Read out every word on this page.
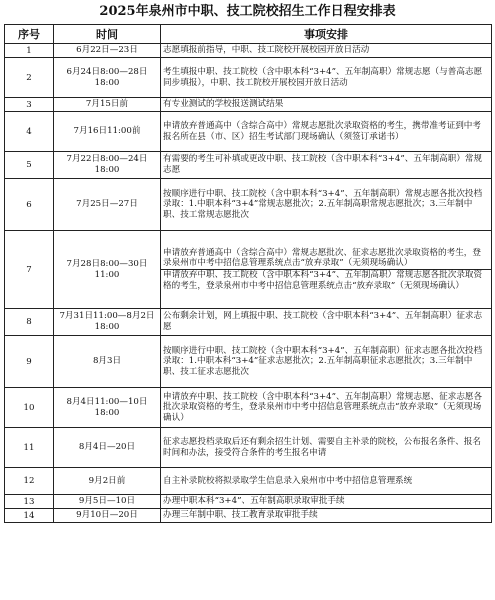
2025年泉州市中职、技工院校招生工作日程安排表
序号	时间	事项安排
1	6月22日—23日	志愿填报前指导，中职、技工院校开展校园开放日活动

2	6月24日8:00—28日18:00	考生填报中职、技工院校（含中职本科“3+4”、五年制高职）常规志愿（与普高志愿同步填报），中职、技工院校开展校园开放日活动

3	7月15日前	有专业测试的学校报送测试结果

4	7月16日11:00前	申请放弃普通高中（含综合高中）常规志愿批次录取资格的考生，携带准考证到中考报名所在县（市、区）招生考试部门现场确认（须签订承诺书）

5	7月22日8:00—24日18:00	有需要的考生可补填或更改中职、技工院校（含中职本科“3+4”、五年制高职）常规志愿

6	7月25日—27日	按顺序进行中职、技工院校（含中职本科“3+4”、五年制高职）常规志愿各批次投档录取：1.中职本科“3+4”常规志愿批次；2.五年制高职常规志愿批次；3.三年制中职、技工常规志愿批次

7	7月28日8:00—30日11:00	申请放弃普通高中（含综合高中）常规志愿批次、征求志愿批次录取资格的考生，登录泉州市中考中招信息管理系统点击“放弃录取”（无须现场确认）
申请放弃中职、技工院校（含中职本科“3+4”、五年制高职）常规志愿各批次录取资格的考生，登录泉州市中考中招信息管理系统点击“放弃录取”（无须现场确认）

8	7月31日11:00—8月2日18:00	公布剩余计划，网上填报中职、技工院校（含中职本科“3+4”、五年制高职）征求志愿

9	8月3日	按顺序进行中职、技工院校（含中职本科“3+4”、五年制高职）征求志愿各批次投档录取：1.中职本科“3+4”征求志愿批次；2.五年制高职征求志愿批次；3.三年制中职、技工征求志愿批次

10	8月4日11:00—10日18:00	申请放弃中职、技工院校（含中职本科“3+4”、五年制高职）常规志愿、征求志愿各批次录取资格的考生，登录泉州市中考中招信息管理系统点击“放弃录取”（无须现场确认）

11	8月4日—20日	征求志愿投档录取后还有剩余招生计划、需要自主补录的院校，公布报名条件、报名时间和办法，接受符合条件的考生报名申请

12	9月2日前	自主补录院校将拟录取学生信息录入泉州市中考中招信息管理系统

13	9月5日—10日	办理中职本科“3+4”、五年制高职录取审批手续

14	9月10日—20日	办理三年制中职、技工教育录取审批手续
